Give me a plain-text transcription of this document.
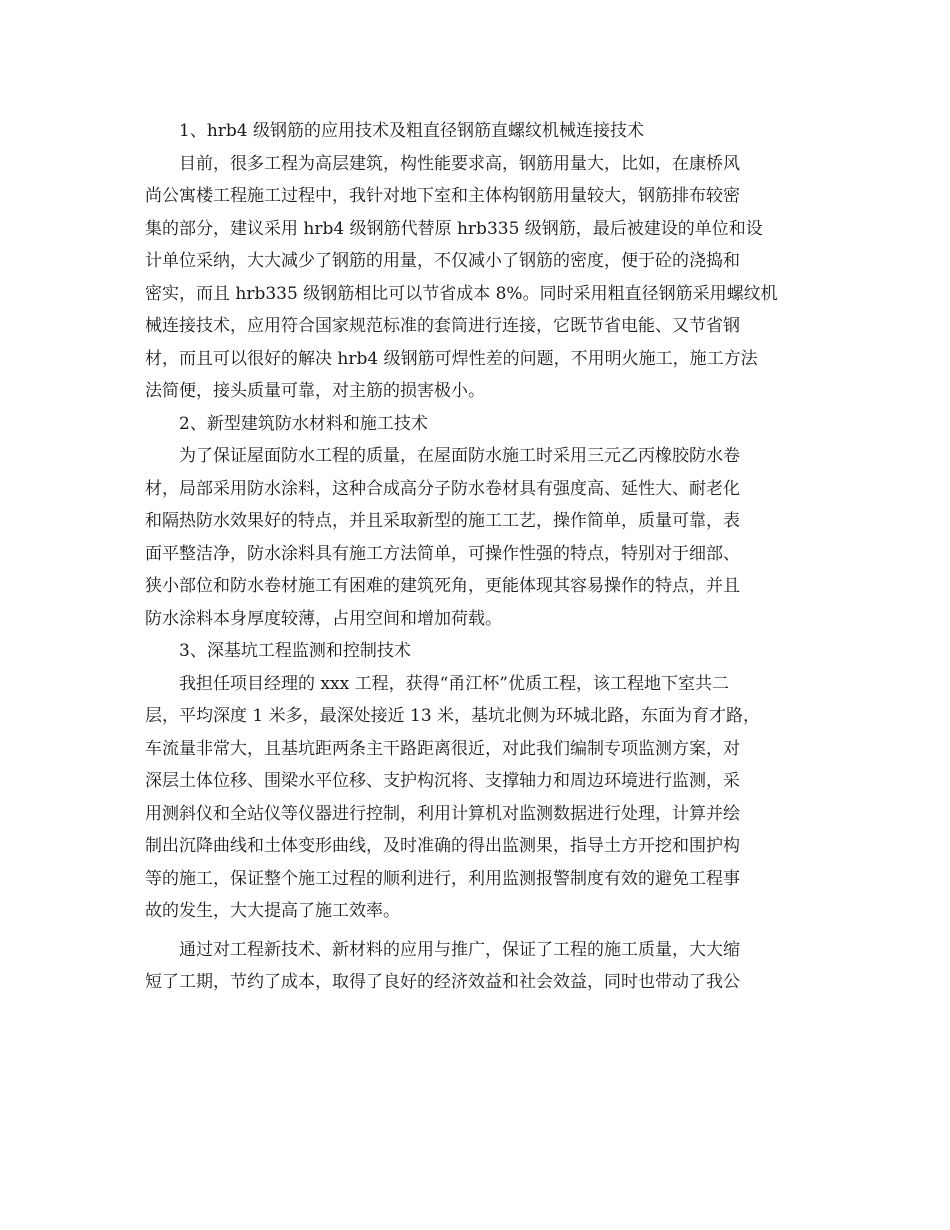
1、hrb4 级钢筋的应用技术及粗直径钢筋直螺纹机械连接技术
目前，很多工程为高层建筑，构性能要求高，钢筋用量大，比如，在康桥风
尚公寓楼工程施工过程中，我针对地下室和主体构钢筋用量较大，钢筋排布较密
集的部分，建议采用 hrb4 级钢筋代替原 hrb335 级钢筋，最后被建设的单位和设
计单位采纳，大大减少了钢筋的用量，不仅减小了钢筋的密度，便于砼的浇捣和
密实，而且 hrb335 级钢筋相比可以节省成本 8%。同时采用粗直径钢筋采用螺纹机
械连接技术，应用符合国家规范标准的套筒进行连接，它既节省电能、又节省钢
材，而且可以很好的解决 hrb4 级钢筋可焊性差的问题，不用明火施工，施工方法
法简便，接头质量可靠，对主筋的损害极小。
2、新型建筑防水材料和施工技术
为了保证屋面防水工程的质量，在屋面防水施工时采用三元乙丙橡胶防水卷
材，局部采用防水涂料，这种合成高分子防水卷材具有强度高、延性大、耐老化
和隔热防水效果好的特点，并且采取新型的施工工艺，操作简单，质量可靠，表
面平整洁净，防水涂料具有施工方法简单，可操作性强的特点，特别对于细部、
狭小部位和防水卷材施工有困难的建筑死角，更能体现其容易操作的特点，并且
防水涂料本身厚度较薄，占用空间和增加荷载。
3、深基坑工程监测和控制技术
我担任项目经理的 xxx 工程，获得“甬江杯”优质工程，该工程地下室共二
层，平均深度 1 米多，最深处接近 13 米，基坑北侧为环城北路，东面为育才路，
车流量非常大，且基坑距两条主干路距离很近，对此我们编制专项监测方案，对
深层土体位移、围梁水平位移、支护构沉将、支撑轴力和周边环境进行监测，采
用测斜仪和全站仪等仪器进行控制，利用计算机对监测数据进行处理，计算并绘
制出沉降曲线和土体变形曲线，及时准确的得出监测果，指导土方开挖和围护构
等的施工，保证整个施工过程的顺利进行，利用监测报警制度有效的避免工程事
故的发生，大大提高了施工效率。
通过对工程新技术、新材料的应用与推广，保证了工程的施工质量，大大缩
短了工期，节约了成本，取得了良好的经济效益和社会效益，同时也带动了我公
